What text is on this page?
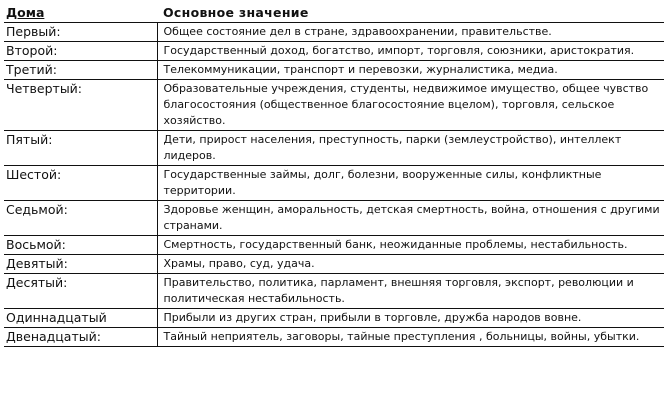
Дома	Основное значение
Первый:	Общее состояние дел в стране, здравоохранении, правительстве.
Второй:	Государственный доход, богатство, импорт, торговля, союзники, аристократия.
Третий:	Телекоммуникации, транспорт и перевозки, журналистика, медиа.
Четвертый:	Образовательные учреждения, студенты, недвижимое имущество, общее чувство благосостояния (общественное благосостояние вцелом), торговля, сельское хозяйство.
Пятый:	Дети, прирост населения, преступность, парки (землеустройство), интеллект лидеров.
Шестой:	Государственные займы, долг, болезни, вооруженные силы, конфликтные территории.
Седьмой:	Здоровье женщин, аморальность, детская смертность, война, отношения с другими странами.
Восьмой:	Смертность, государственный банк, неожиданные проблемы, нестабильность.
Девятый:	Храмы, право, суд, удача.
Десятый:	Правительство, политика, парламент, внешняя торговля, экспорт, революции и политическая нестабильность.
Одиннадцатый	Прибыли из других стран, прибыли в торговле, дружба народов вовне.
Двенадцатый:	Тайный неприятель, заговоры, тайные преступления , больницы, войны, убытки.
